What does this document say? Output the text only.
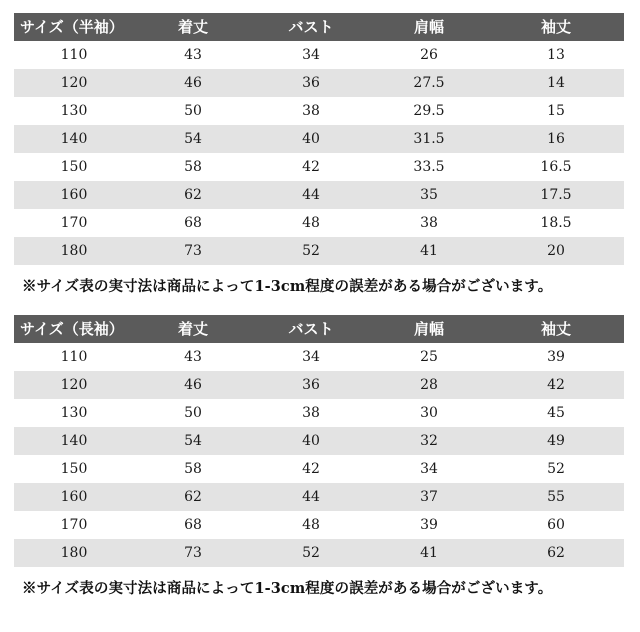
サイズ（半袖）	着丈	バスト	肩幅	袖丈
110	43	34	26	13
120	46	36	27.5	14
130	50	38	29.5	15
140	54	40	31.5	16
150	58	42	33.5	16.5
160	62	44	35	17.5
170	68	48	38	18.5
180	73	52	41	20
※サイズ表の実寸法は商品によって1-3cm程度の誤差がある場合がございます。
サイズ（長袖）	着丈	バスト	肩幅	袖丈
110	43	34	25	39
120	46	36	28	42
130	50	38	30	45
140	54	40	32	49
150	58	42	34	52
160	62	44	37	55
170	68	48	39	60
180	73	52	41	62
※サイズ表の実寸法は商品によって1-3cm程度の誤差がある場合がございます。
